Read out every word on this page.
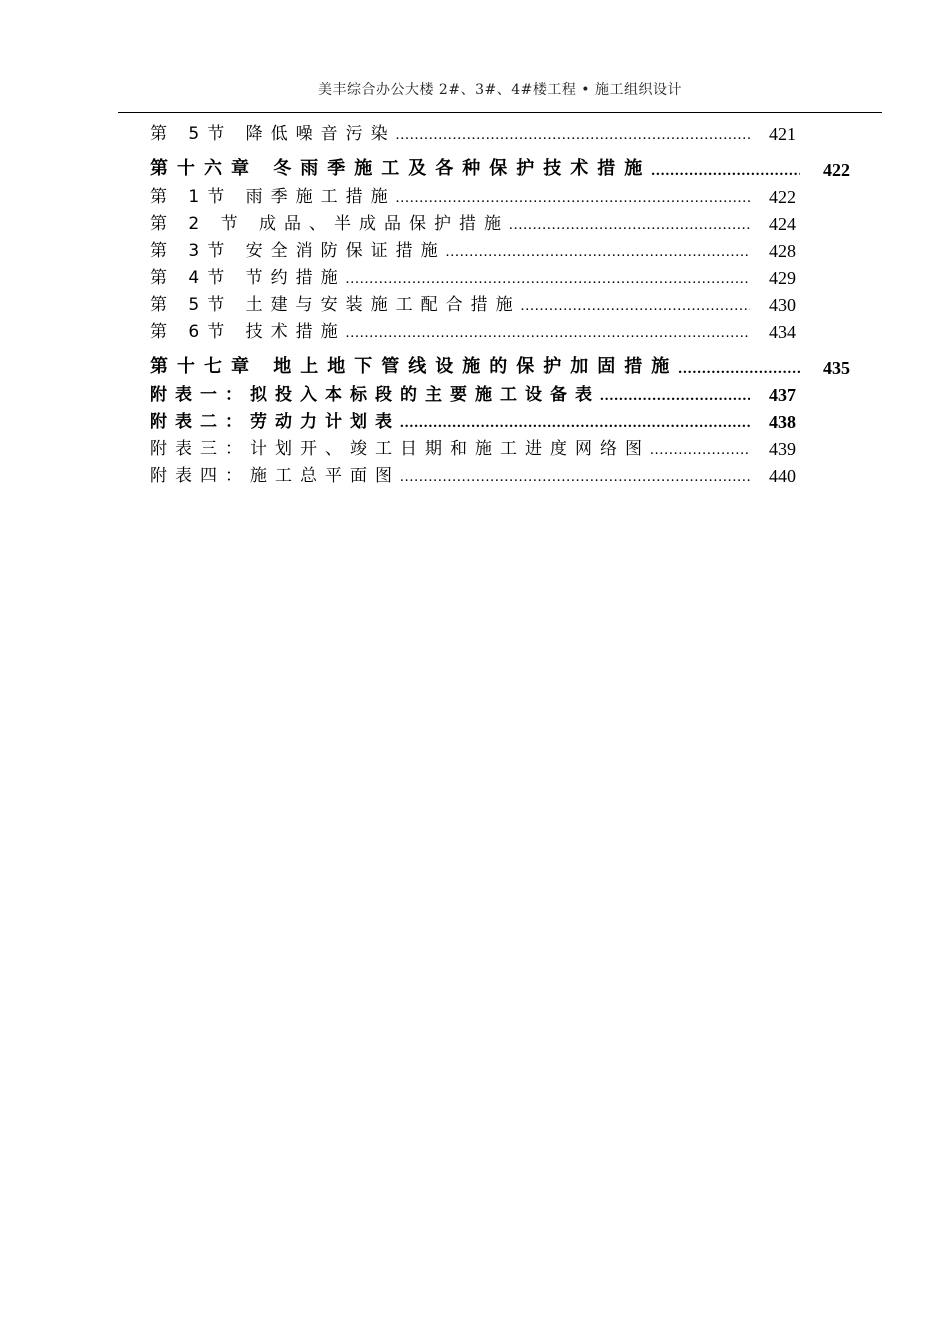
美丰综合办公大楼 2#、3#、4#楼工程 • 施工组织设计
第 5节 降低噪音污染 .....	421
第十六章 冬雨季施工及各种保护技术措施 .....	422
第 1节 雨季施工措施 .....	422
第 2 节 成品、半成品保护措施 .....	424
第 3节 安全消防保证措施 .....	428
第 4节 节约措施 .....	429
第 5节 土建与安装施工配合措施 .....	430
第 6节 技术措施 .....	434
第十七章 地上地下管线设施的保护加固措施 .....	435
附表一：拟投入本标段的主要施工设备表 .....	437
附表二：劳动力计划表 .....	438
附表三：计划开、竣工日期和施工进度网络图 .....	439
附表四：施工总平面图 .....	440
